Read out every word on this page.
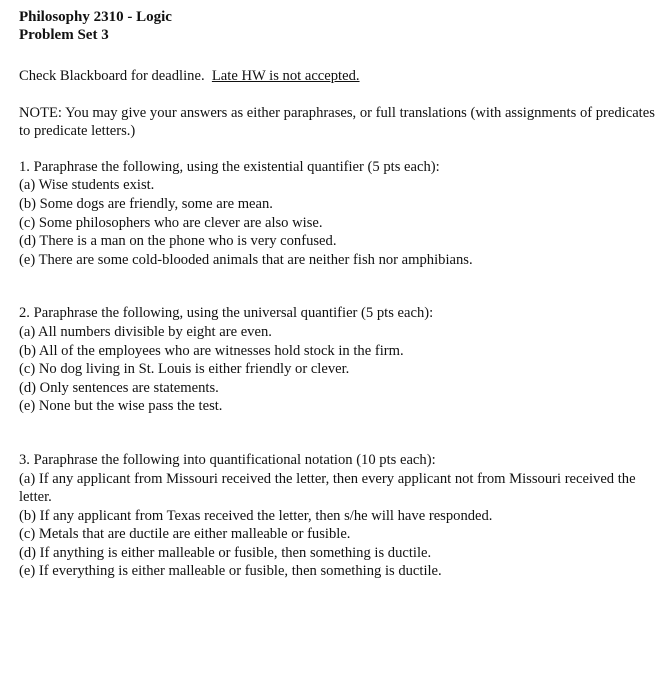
Philosophy 2310 - Logic
Problem Set 3
Check Blackboard for deadline. Late HW is not accepted.
NOTE: You may give your answers as either paraphrases, or full translations (with assignments of predicates to predicate letters.)
1. Paraphrase the following, using the existential quantifier (5 pts each):
(a) Wise students exist.
(b) Some dogs are friendly, some are mean.
(c) Some philosophers who are clever are also wise.
(d) There is a man on the phone who is very confused.
(e) There are some cold-blooded animals that are neither fish nor amphibians.
2. Paraphrase the following, using the universal quantifier (5 pts each):
(a) All numbers divisible by eight are even.
(b) All of the employees who are witnesses hold stock in the firm.
(c) No dog living in St. Louis is either friendly or clever.
(d) Only sentences are statements.
(e) None but the wise pass the test.
3. Paraphrase the following into quantificational notation (10 pts each):
(a) If any applicant from Missouri received the letter, then every applicant not from Missouri received the letter.
(b) If any applicant from Texas received the letter, then s/he will have responded.
(c) Metals that are ductile are either malleable or fusible.
(d) If anything is either malleable or fusible, then something is ductile.
(e) If everything is either malleable or fusible, then something is ductile.
